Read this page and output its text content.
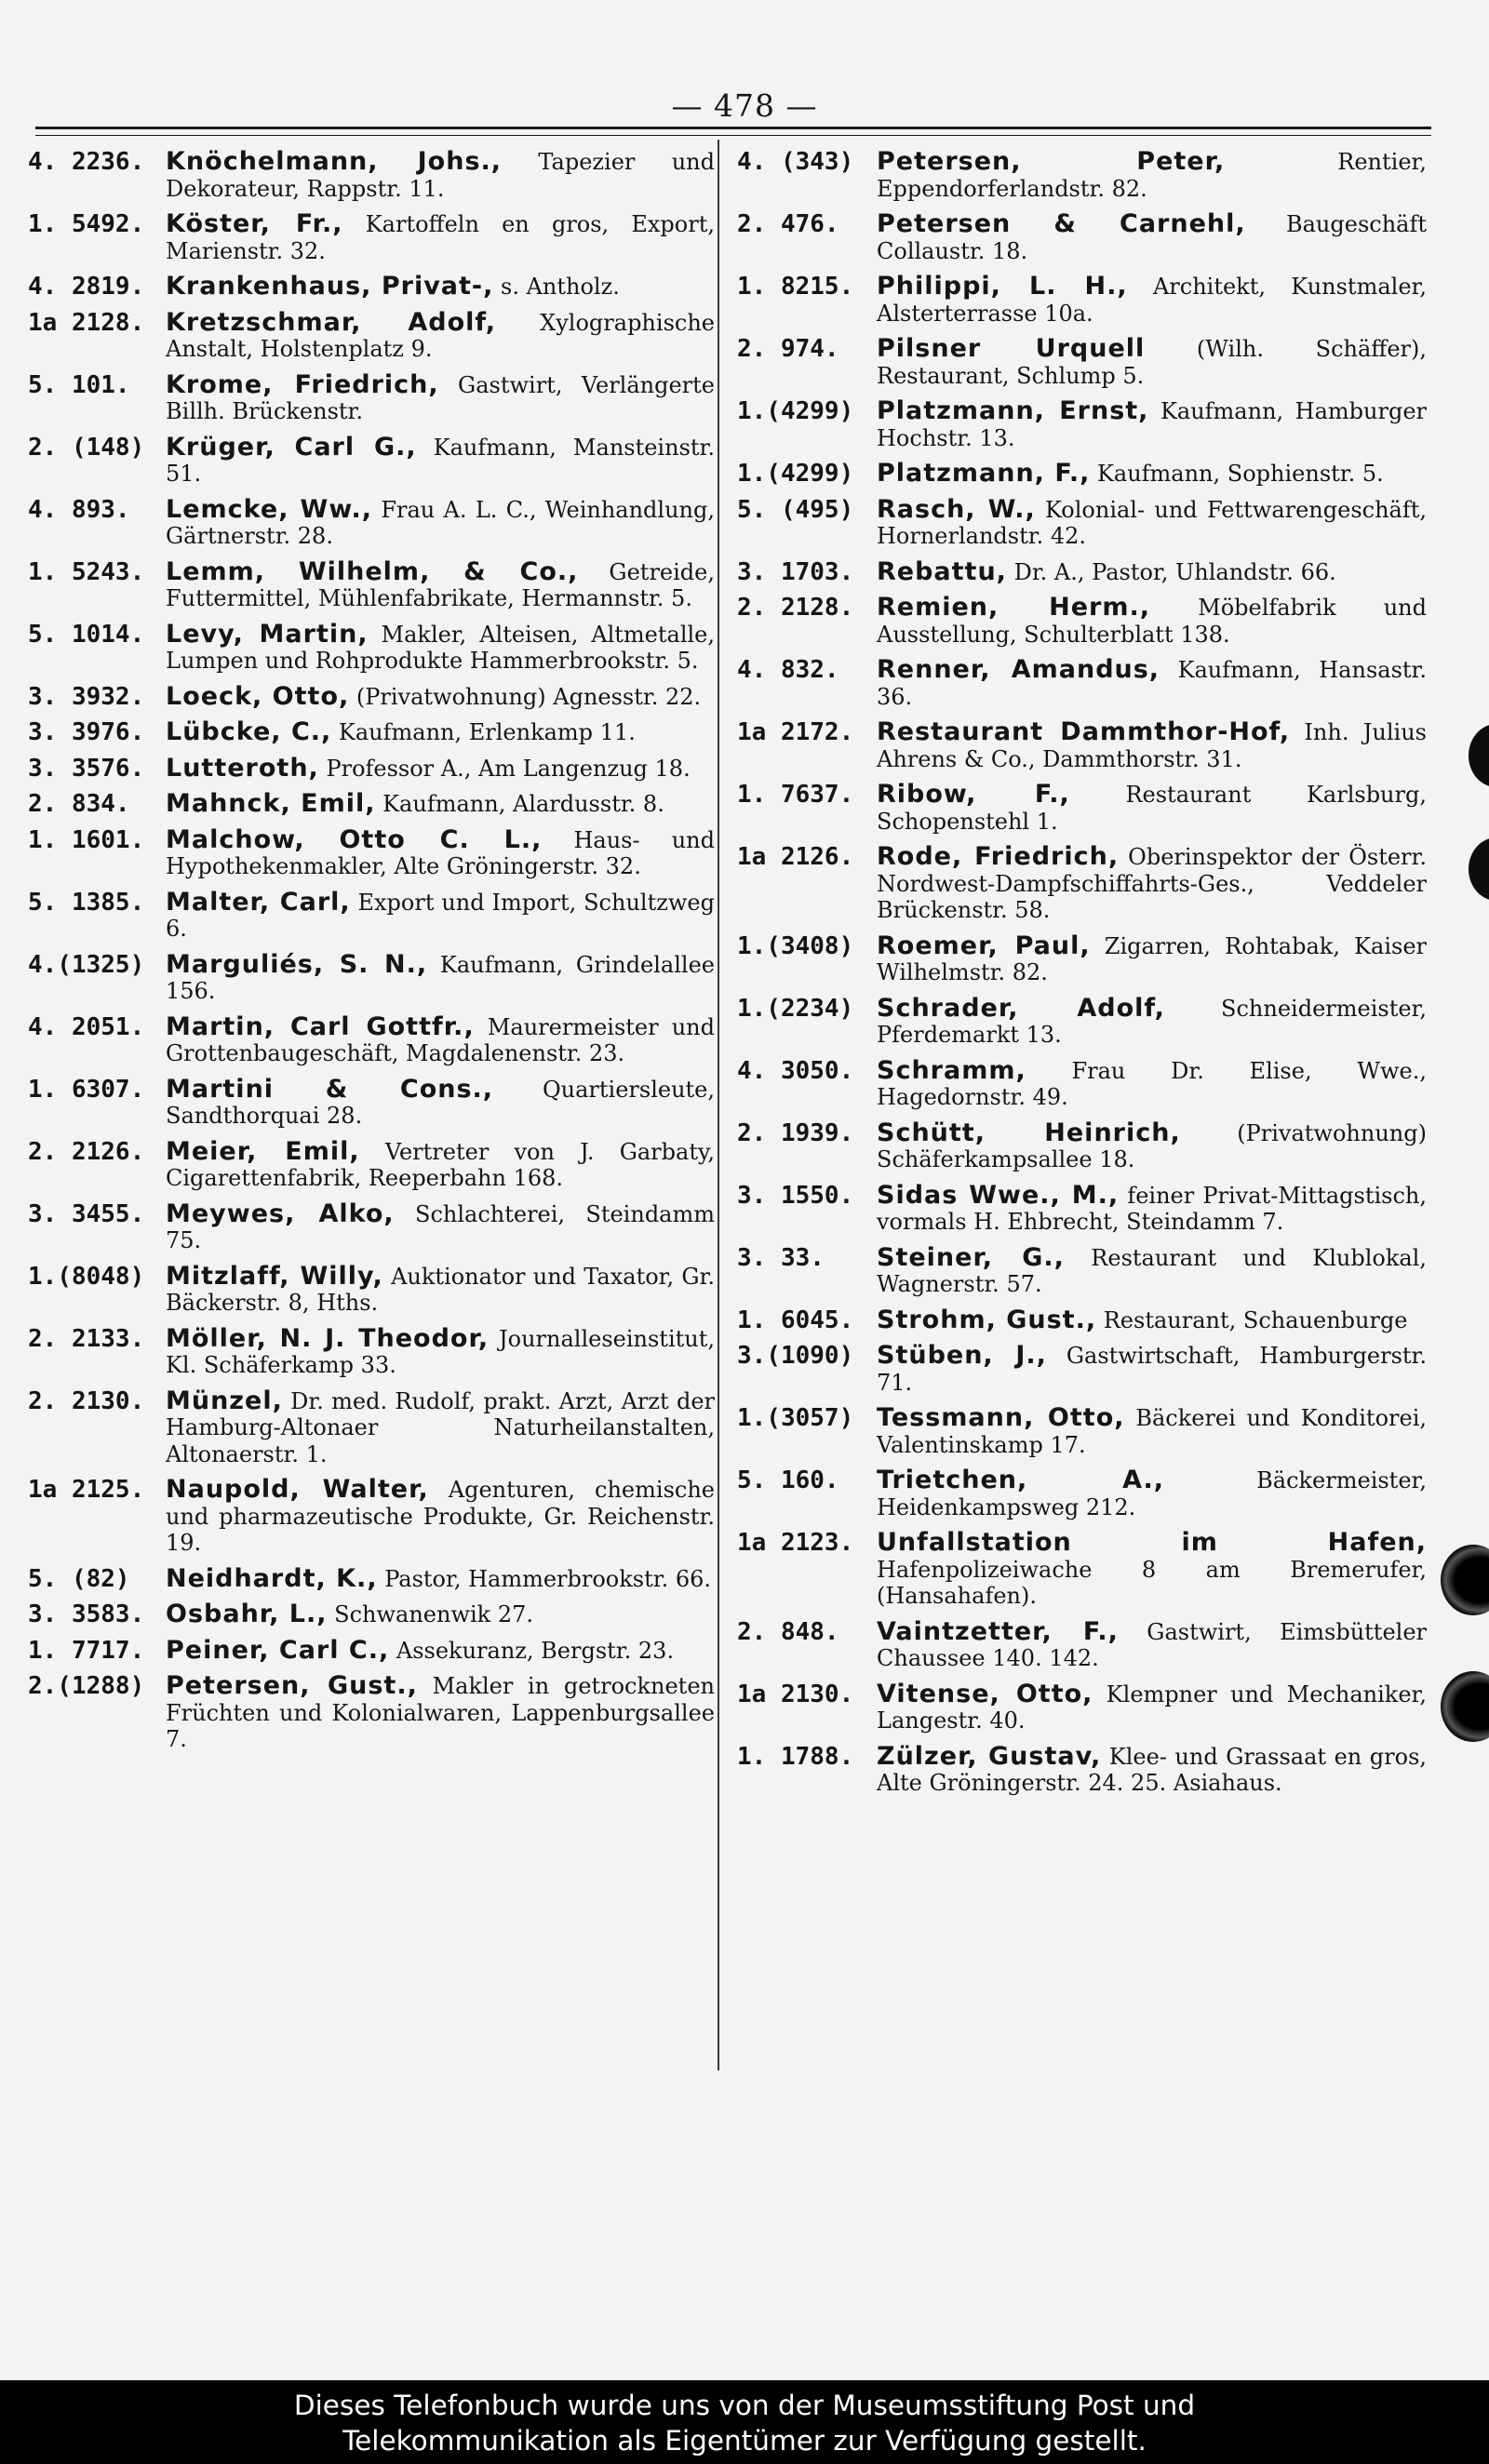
— 478 —
4. 2236. Knöchelmann, Johs., Tapezier und Dekorateur, Rappstr. 11.
1. 5492. Köster, Fr., Kartoffeln en gros, Export, Marienstr. 32.
4. 2819. Krankenhaus, Privat-, s. Antholz.
1a 2128. Kretzschmar, Adolf, Xylographische Anstalt, Holstenplatz 9.
5. 101.	Krome, Friedrich, Gastwirt, Verlängerte Billh. Brückenstr.
2. (148) Krüger, Carl G., Kaufmann, Mansteinstr. 51.
4. 893.	Lemcke, Ww., Frau A. L. C., Weinhandlung, Gärtnerstr. 28.
1. 5243. Lemm, Wilhelm, & Co., Getreide, Futtermittel, Mühlenfabrikate, Hermannstr. 5.
5. 1014. Levy, Martin, Makler, Alteisen, Altmetalle, Lumpen und Rohprodukte Hammerbrookstr. 5.
3. 3932. Loeck, Otto, (Privatwohnung) Agnesstr. 22.
3. 3976. Lübcke, C., Kaufmann, Erlenkamp 11.
3. 3576. Lutteroth, Professor A., Am Langenzug 18.
2. 834.	Mahnck, Emil, Kaufmann, Alardusstr. 8.
1. 1601. Malchow, Otto C. L., Haus- und Hypothekenmakler, Alte Gröningerstr. 32.
5. 1385. Malter, Carl, Export und Import, Schultzweg 6.
4.(1325) Marguliés, S. N., Kaufmann, Grindelallee 156.
4. 2051. Martin, Carl Gottfr., Maurermeister und Grottenbaugeschäft, Magdalenenstr. 23.
1. 6307. Martini & Cons., Quartiersleute, Sandthorquai 28.
2. 2126. Meier, Emil, Vertreter von J. Garbaty, Cigarettenfabrik, Reeperbahn 168.
3. 3455. Meywes, Alko, Schlachterei, Steindamm 75.
1.(8048) Mitzlaff, Willy, Auktionator und Taxator, Gr. Bäckerstr. 8, Hths.
2. 2133. Möller, N. J. Theodor, Journalleseinstitut, Kl. Schäferkamp 33.
2. 2130. Münzel, Dr. med. Rudolf, prakt. Arzt, Arzt der Hamburg-Altonaer Naturheilanstalten, Altonaerstr. 1.
1a 2125. Naupold, Walter, Agenturen, chemische und pharmazeutische Produkte, Gr. Reichenstr. 19.
5. (82)	Neidhardt, K., Pastor, Hammerbrookstr. 66.
3. 3583. Osbahr, L., Schwanenwik 27.
1. 7717. Peiner, Carl C., Assekuranz, Bergstr. 23.
2.(1288) Petersen, Gust., Makler in getrockneten Früchten und Kolonialwaren, Lappenburgsallee 7.
4. (343) Petersen, Peter, Rentier, Eppendorferlandstr. 82.
2. 476.	Petersen & Carnehl, Baugeschäft Collaustr. 18.
1. 8215. Philippi, L. H., Architekt, Kunstmaler, Alsterterrasse 10a.
2. 974.	Pilsner Urquell (Wilh. Schäffer), Restaurant, Schlump 5.
1.(4299) Platzmann, Ernst, Kaufmann, Hamburger Hochstr. 13.
1.(4299) Platzmann, F., Kaufmann, Sophienstr. 5.
5. (495) Rasch, W., Kolonial- und Fettwarengeschäft, Hornerlandstr. 42.
3. 1703. Rebattu, Dr. A., Pastor, Uhlandstr. 66.
2. 2128. Remien, Herm., Möbelfabrik und Ausstellung, Schulterblatt 138.
4. 832.	Renner, Amandus, Kaufmann, Hansastr. 36.
1a 2172. Restaurant Dammthor-Hof, Inh. Julius Ahrens & Co., Dammthorstr. 31.
1. 7637. Ribow, F., Restaurant Karlsburg, Schopenstehl 1.
1a 2126. Rode, Friedrich, Oberinspektor der Österr. Nordwest-Dampfschiffahrts-Ges., Veddeler Brückenstr. 58.
1.(3408) Roemer, Paul, Zigarren, Rohtabak, Kaiser Wilhelmstr. 82.
1.(2234) Schrader, Adolf, Schneidermeister, Pferdemarkt 13.
4. 3050. Schramm, Frau Dr. Elise, Wwe., Hagedornstr. 49.
2. 1939. Schütt, Heinrich, (Privatwohnung) Schäferkampsallee 18.
3. 1550. Sidas Wwe., M., feiner Privat-Mittagstisch, vormals H. Ehbrecht, Steindamm 7.
3. 33.	Steiner, G., Restaurant und Klublokal, Wagnerstr. 57.
1. 6045. Strohm, Gust., Restaurant, Schauenburge
3.(1090) Stüben, J., Gastwirtschaft, Hamburgerstr. 71.
1.(3057) Tessmann, Otto, Bäckerei und Konditorei, Valentinskamp 17.
5. 160.	Trietchen, A., Bäckermeister, Heidenkampsweg 212.
1a 2123. Unfallstation im Hafen, Hafenpolizeiwache 8 am Bremerufer, (Hansahafen).
2. 848.	Vaintzetter, F., Gastwirt, Eimsbütteler Chaussee 140. 142.
1a 2130. Vitense, Otto, Klempner und Mechaniker, Langestr. 40.
1. 1788. Zülzer, Gustav, Klee- und Grassaat en gros, Alte Gröningerstr. 24. 25. Asiahaus.
Dieses Telefonbuch wurde uns von der Museumsstiftung Post und
Telekommunikation als Eigentümer zur Verfügung gestellt.
